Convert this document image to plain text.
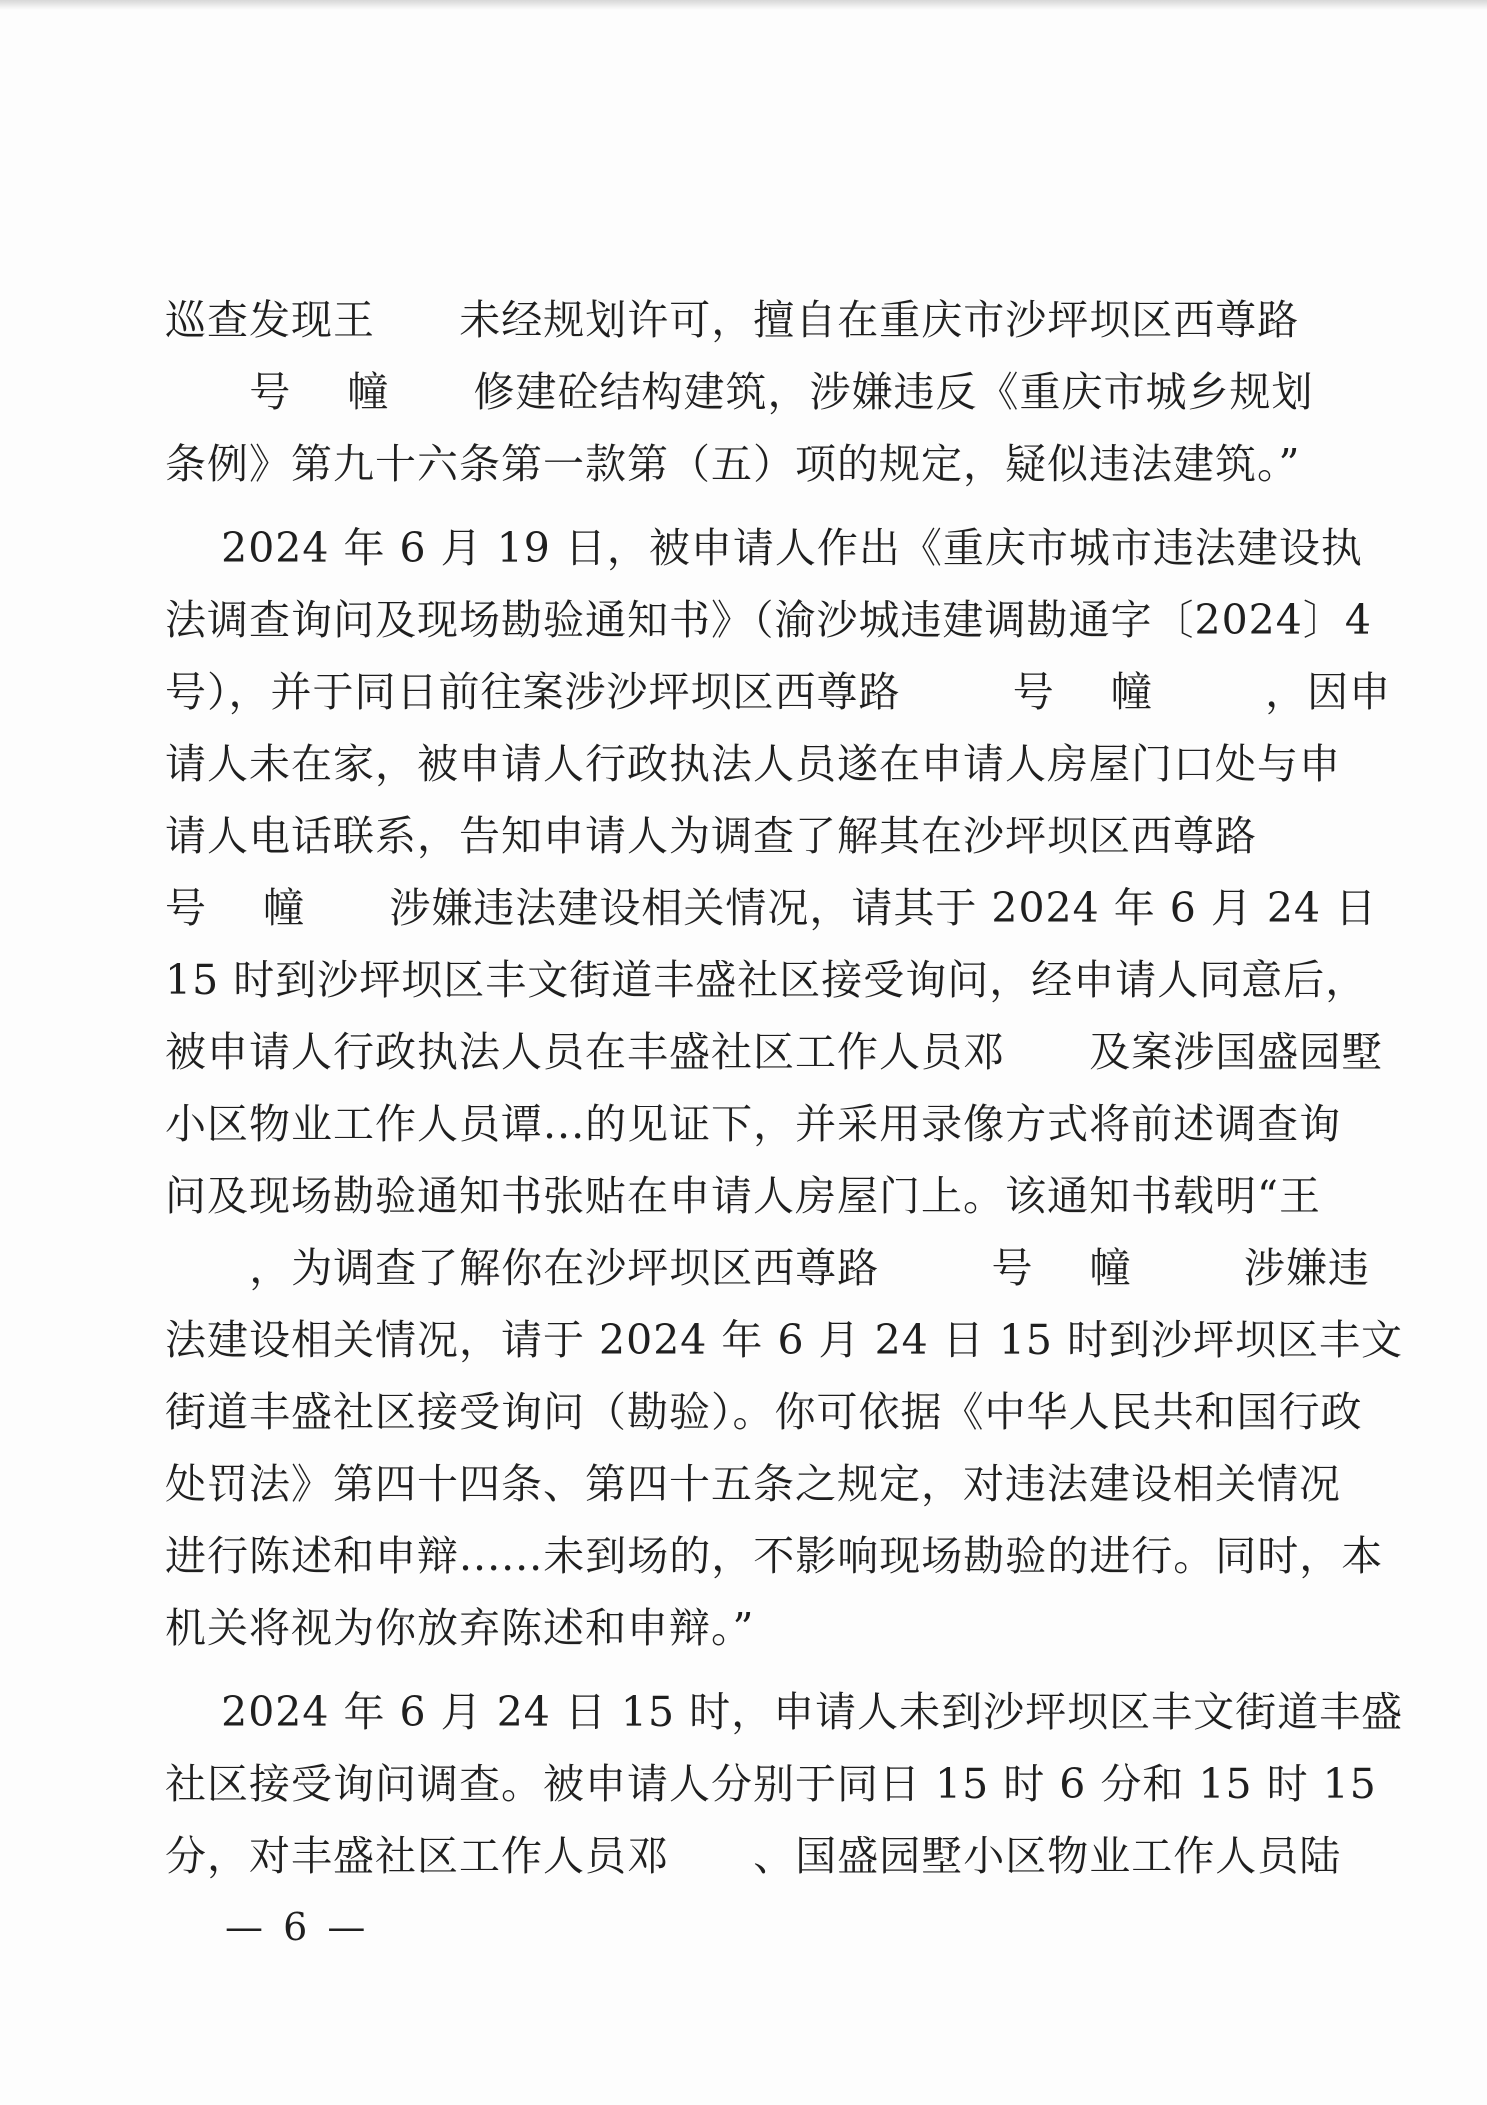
巡查发现王      未经规划许可，擅自在重庆市沙坪坝区西尊路
号    幢      修建砼结构建筑，涉嫌违反《重庆市城乡规划
条例》第九十六条第一款第（五）项的规定，疑似违法建筑。”
2024 年 6 月 19 日，被申请人作出《重庆市城市违法建设执
法调查询问及现场勘验通知书》（渝沙城违建调勘通字〔2024〕4
号），并于同日前往案涉沙坪坝区西尊路        号    幢        ，因申
请人未在家，被申请人行政执法人员遂在申请人房屋门口处与申
请人电话联系，告知申请人为调查了解其在沙坪坝区西尊路
号    幢      涉嫌违法建设相关情况，请其于 2024 年 6 月 24 日
15 时到沙坪坝区丰文街道丰盛社区接受询问，经申请人同意后，
被申请人行政执法人员在丰盛社区工作人员邓      及案涉国盛园墅
小区物业工作人员谭...的见证下，并采用录像方式将前述调查询
问及现场勘验通知书张贴在申请人房屋门上。该通知书载明“王
，为调查了解你在沙坪坝区西尊路        号    幢        涉嫌违
法建设相关情况，请于 2024 年 6 月 24 日 15 时到沙坪坝区丰文
街道丰盛社区接受询问（勘验）。你可依据《中华人民共和国行政
处罚法》第四十四条、第四十五条之规定，对违法建设相关情况
进行陈述和申辩......未到场的，不影响现场勘验的进行。同时，本
机关将视为你放弃陈述和申辩。”
2024 年 6 月 24 日 15 时，申请人未到沙坪坝区丰文街道丰盛
社区接受询问调查。被申请人分别于同日 15 时 6 分和 15 时 15
分，对丰盛社区工作人员邓      、国盛园墅小区物业工作人员陆
— 6 —
